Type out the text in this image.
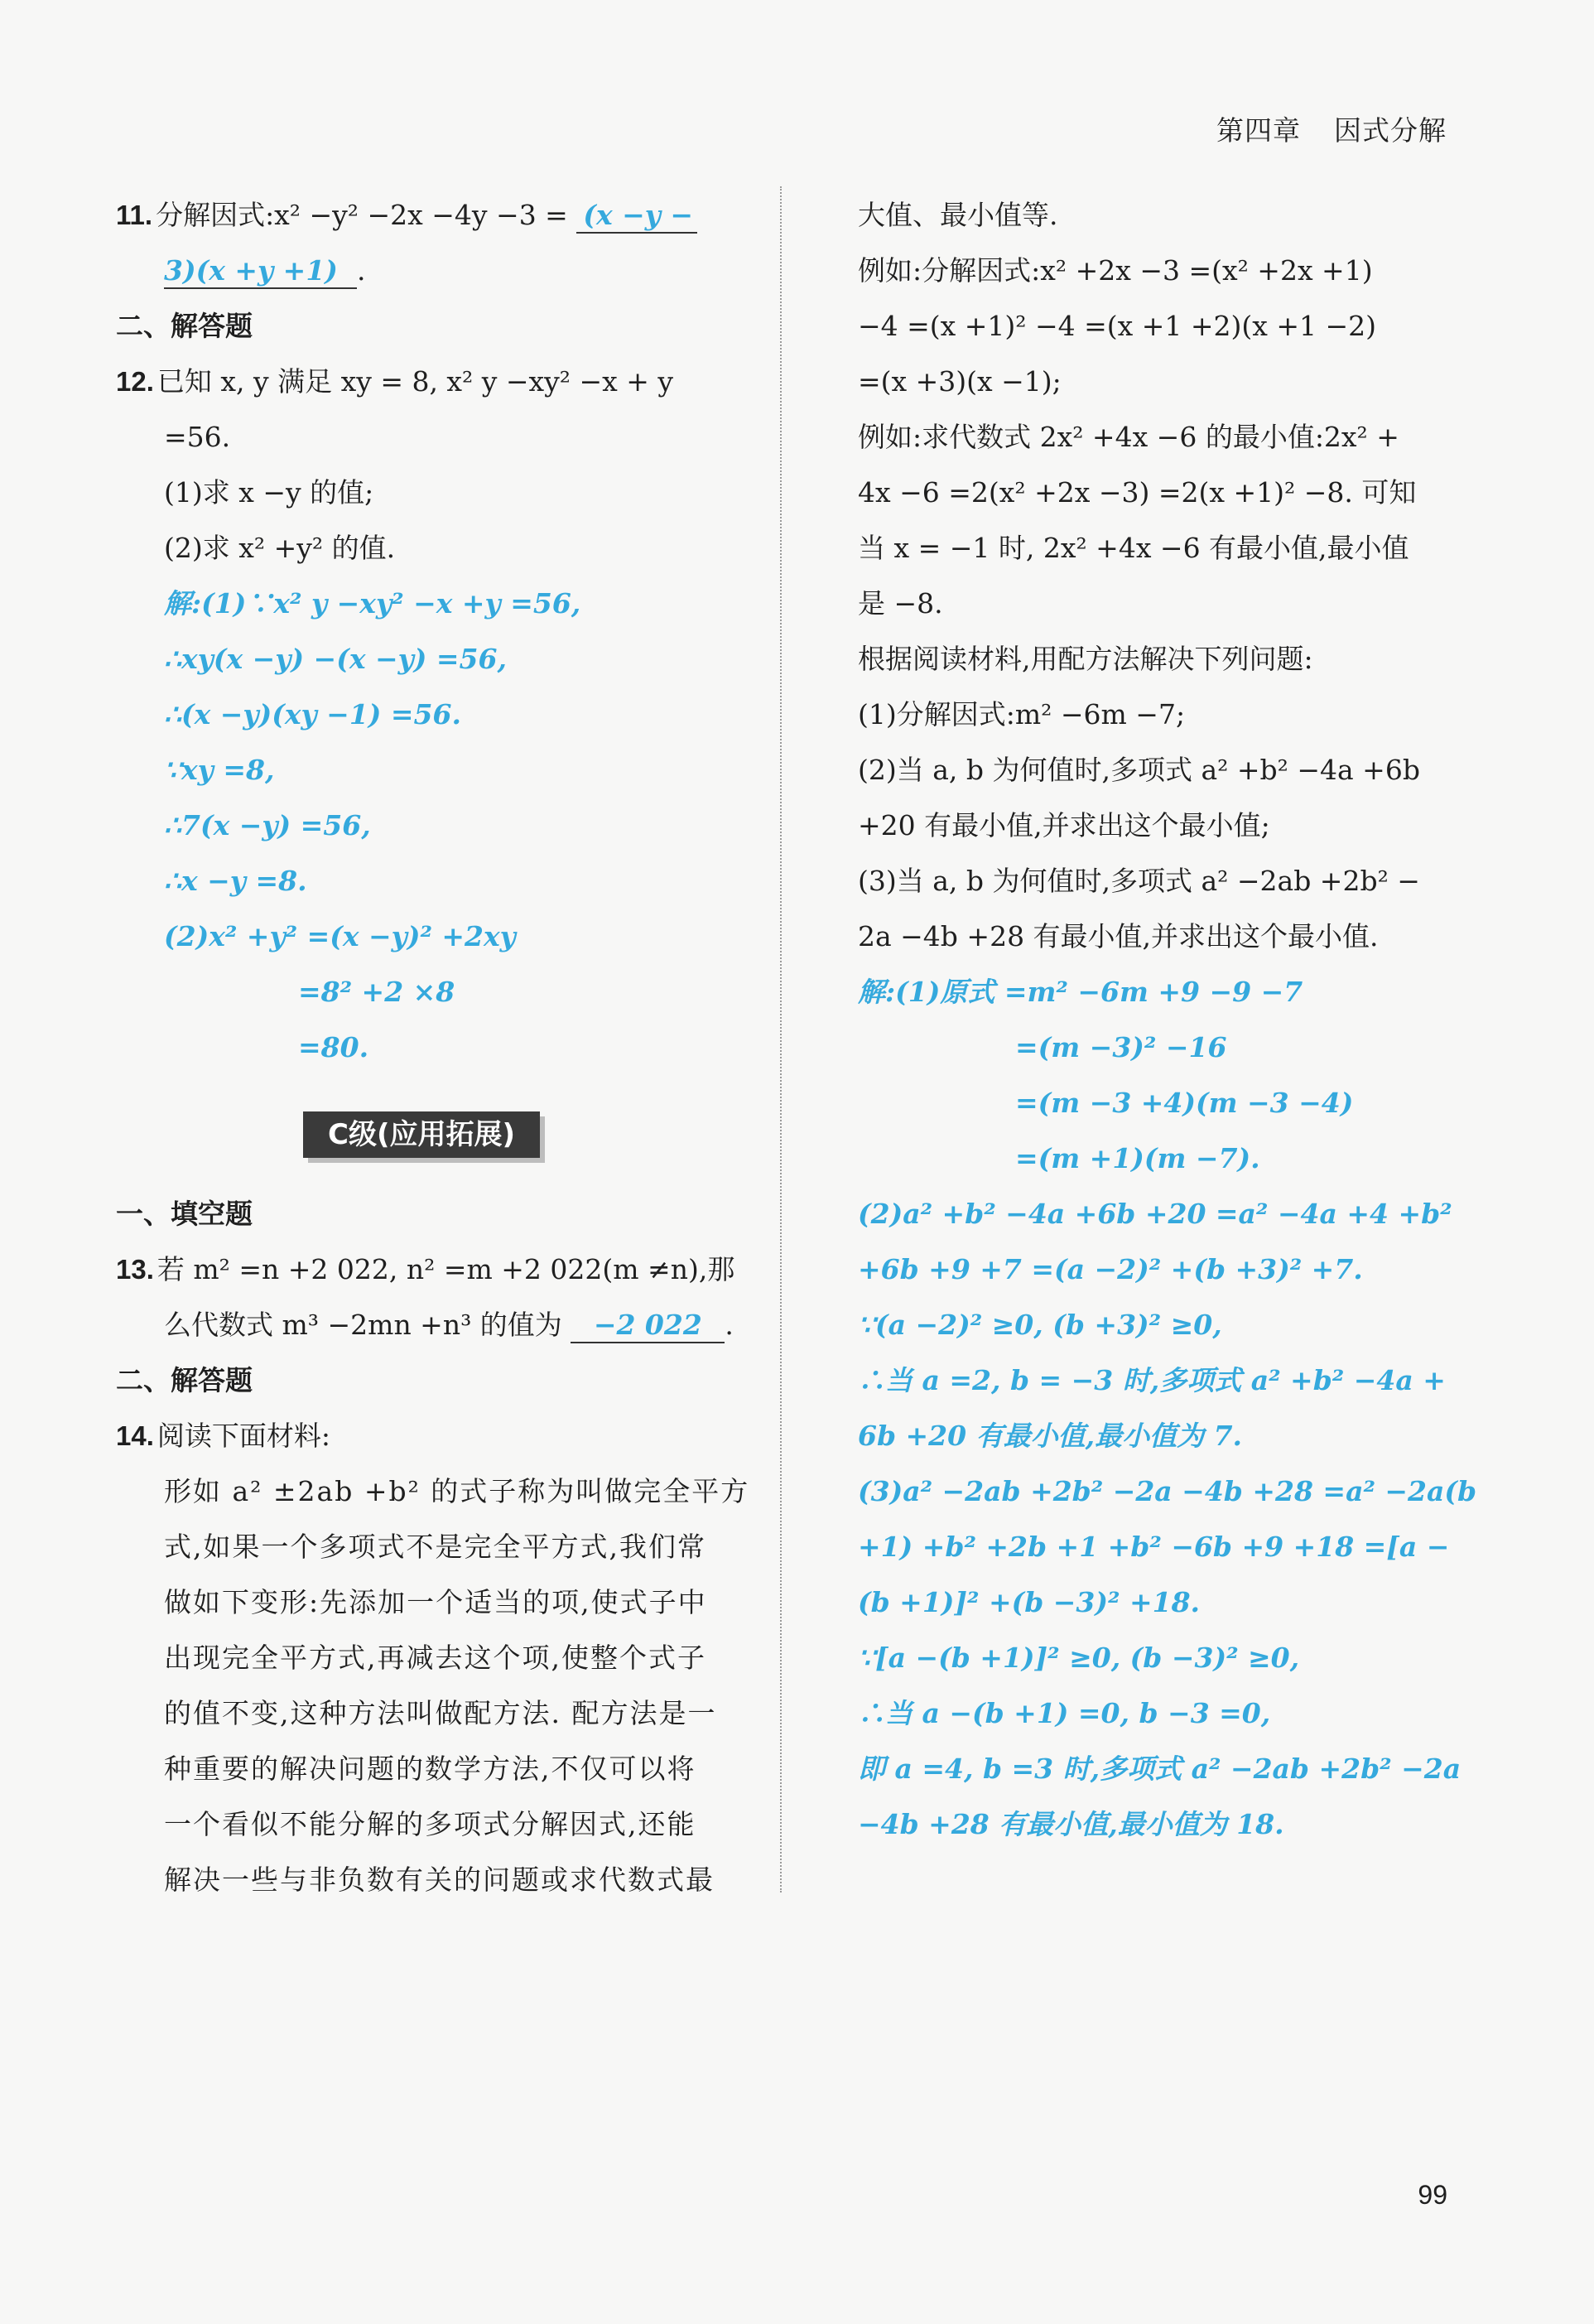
第四章 因式分解
11. 分解因式:x² −y² −2x −4y −3 = (x −y −
3)(x +y +1) .
二、解答题
12. 已知 x, y 满足 xy = 8, x² y −xy² −x + y
=56.
(1)求 x −y 的值;
(2)求 x² +y² 的值.
解:(1)∵x² y −xy² −x +y =56,
∴xy(x −y) −(x −y) =56,
∴(x −y)(xy −1) =56.
∵xy =8,
∴7(x −y) =56,
∴x −y =8.
(2)x² +y² =(x −y)² +2xy
=8² +2 ×8
=80.
C级(应用拓展)
一、填空题
13. 若 m² =n +2 022, n² =m +2 022(m ≠n),那
么代数式 m³ −2mn +n³ 的值为 −2 022 .
二、解答题
14. 阅读下面材料:
形如 a² ±2ab +b² 的式子称为叫做完全平方
式,如果一个多项式不是完全平方式,我们常
做如下变形:先添加一个适当的项,使式子中
出现完全平方式,再减去这个项,使整个式子
的值不变,这种方法叫做配方法. 配方法是一
种重要的解决问题的数学方法,不仅可以将
一个看似不能分解的多项式分解因式,还能
解决一些与非负数有关的问题或求代数式最
大值、最小值等.
例如:分解因式:x² +2x −3 =(x² +2x +1)
−4 =(x +1)² −4 =(x +1 +2)(x +1 −2)
=(x +3)(x −1);
例如:求代数式 2x² +4x −6 的最小值:2x² +
4x −6 =2(x² +2x −3) =2(x +1)² −8. 可知
当 x = −1 时, 2x² +4x −6 有最小值,最小值
是 −8.
根据阅读材料,用配方法解决下列问题:
(1)分解因式:m² −6m −7;
(2)当 a, b 为何值时,多项式 a² +b² −4a +6b
+20 有最小值,并求出这个最小值;
(3)当 a, b 为何值时,多项式 a² −2ab +2b² −
2a −4b +28 有最小值,并求出这个最小值.
解:(1)原式 =m² −6m +9 −9 −7
=(m −3)² −16
=(m −3 +4)(m −3 −4)
=(m +1)(m −7).
(2)a² +b² −4a +6b +20 =a² −4a +4 +b²
+6b +9 +7 =(a −2)² +(b +3)² +7.
∵(a −2)² ≥0, (b +3)² ≥0,
∴当 a =2, b = −3 时,多项式 a² +b² −4a +
6b +20 有最小值,最小值为 7.
(3)a² −2ab +2b² −2a −4b +28 =a² −2a(b
+1) +b² +2b +1 +b² −6b +9 +18 =[a −
(b +1)]² +(b −3)² +18.
∵[a −(b +1)]² ≥0, (b −3)² ≥0,
∴当 a −(b +1) =0, b −3 =0,
即 a =4, b =3 时,多项式 a² −2ab +2b² −2a
−4b +28 有最小值,最小值为 18.
99
